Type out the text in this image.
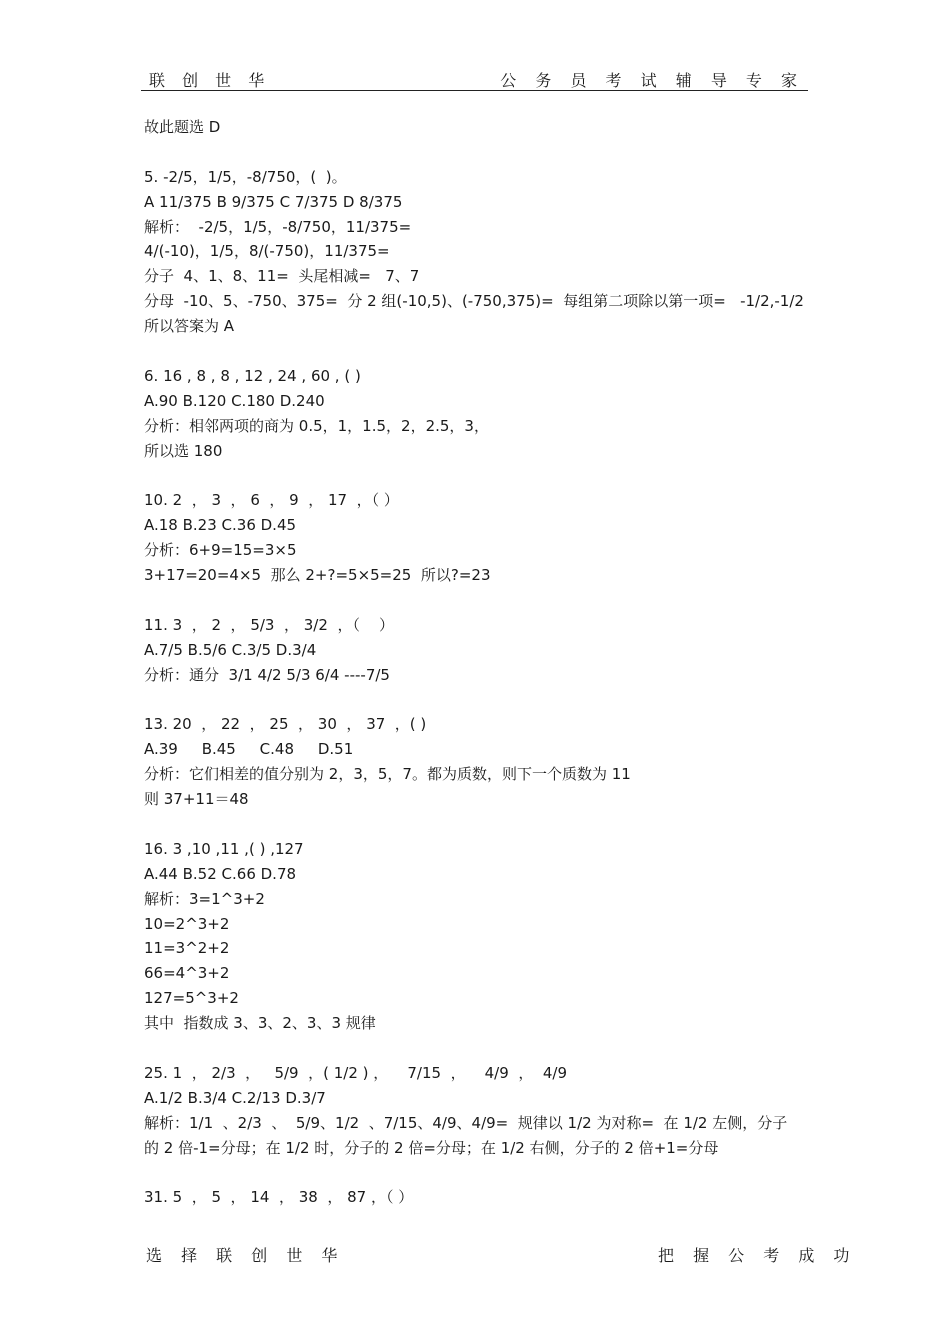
联 创 世 华	公 务 员 考 试 辅 导 专 家
故此题选 D
5. -2/5，1/5，-8/750，(  )。
A 11/375 B 9/375 C 7/375 D 8/375
解析：  -2/5，1/5，-8/750，11/375=
4/(-10)，1/5，8/(-750)，11/375=
分子  4、1、8、11=  头尾相减=   7、7
分母  -10、5、-750、375=  分 2 组(-10,5)、(-750,375)=  每组第二项除以第一项=   -1/2,-1/2
所以答案为 A
6. 16 , 8 , 8 , 12 , 24 , 60 , ( )
A.90 B.120 C.180 D.240
分析：相邻两项的商为 0.5，1，1.5，2，2.5，3，
所以选 180
10. 2  ， 3  ， 6  ， 9  ， 17  ，（ ）
A.18 B.23 C.36 D.45
分析：6+9=15=3×5
3+17=20=4×5  那么 2+?=5×5=25  所以?=23
11. 3  ， 2  ， 5/3  ， 3/2  ，（    ）
A.7/5 B.5/6 C.3/5 D.3/4
分析：通分  3/1 4/2 5/3 6/4 ----7/5
13. 20  ， 22  ， 25  ， 30  ， 37  ，( )
A.39     B.45     C.48     D.51
分析：它们相差的值分别为 2，3，5，7。都为质数，则下一个质数为 11
则 37+11＝48
16. 3 ,10 ,11 ,( ) ,127
A.44 B.52 C.66 D.78
解析：3=1^3+2
10=2^3+2
11=3^2+2
66=4^3+2
127=5^3+2
其中  指数成 3、3、2、3、3 规律
25. 1  ， 2/3  ，   5/9  ，( 1/2 ) ，    7/15  ，    4/9  ，  4/9
A.1/2 B.3/4 C.2/13 D.3/7
解析：1/1  、2/3  、  5/9、1/2  、7/15、4/9、4/9=  规律以 1/2 为对称=  在 1/2 左侧，分子
的 2 倍-1=分母；在 1/2 时，分子的 2 倍=分母；在 1/2 右侧，分子的 2 倍+1=分母
31. 5  ， 5  ， 14  ， 38  ， 87 ，（ ）
选 择 联 创 世 华	把 握 公 考 成 功
